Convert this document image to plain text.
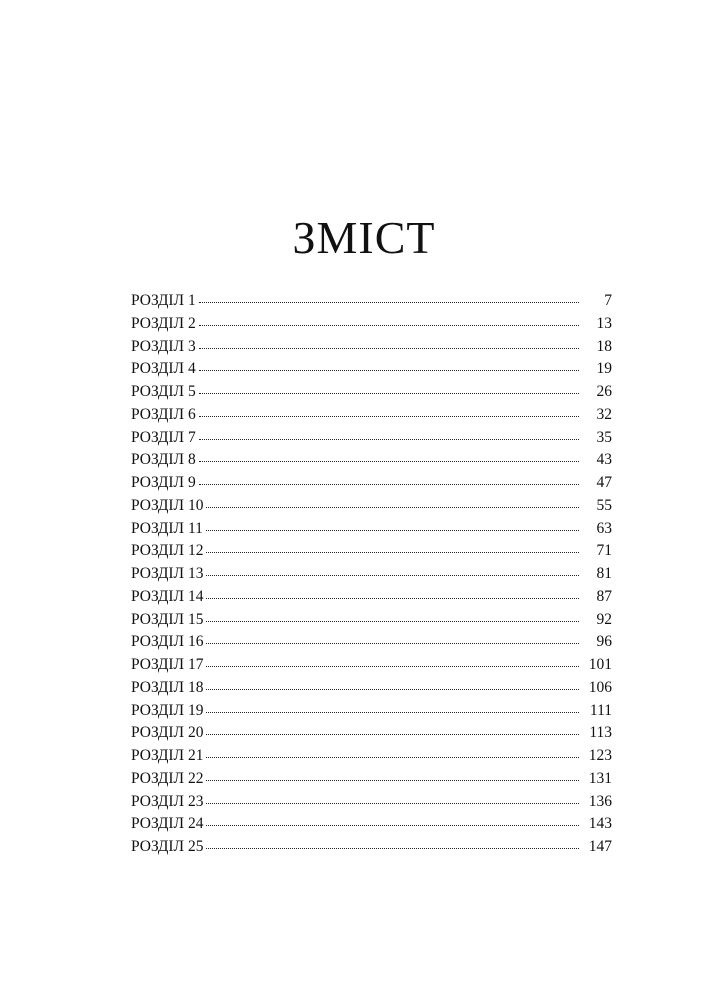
ЗМІСТ
РОЗДІЛ 1	7
РОЗДІЛ 2	13
РОЗДІЛ 3	18
РОЗДІЛ 4	19
РОЗДІЛ 5	26
РОЗДІЛ 6	32
РОЗДІЛ 7	35
РОЗДІЛ 8	43
РОЗДІЛ 9	47
РОЗДІЛ 10	55
РОЗДІЛ 11	63
РОЗДІЛ 12	71
РОЗДІЛ 13	81
РОЗДІЛ 14	87
РОЗДІЛ 15	92
РОЗДІЛ 16	96
РОЗДІЛ 17	101
РОЗДІЛ 18	106
РОЗДІЛ 19	111
РОЗДІЛ 20	113
РОЗДІЛ 21	123
РОЗДІЛ 22	131
РОЗДІЛ 23	136
РОЗДІЛ 24	143
РОЗДІЛ 25	147
